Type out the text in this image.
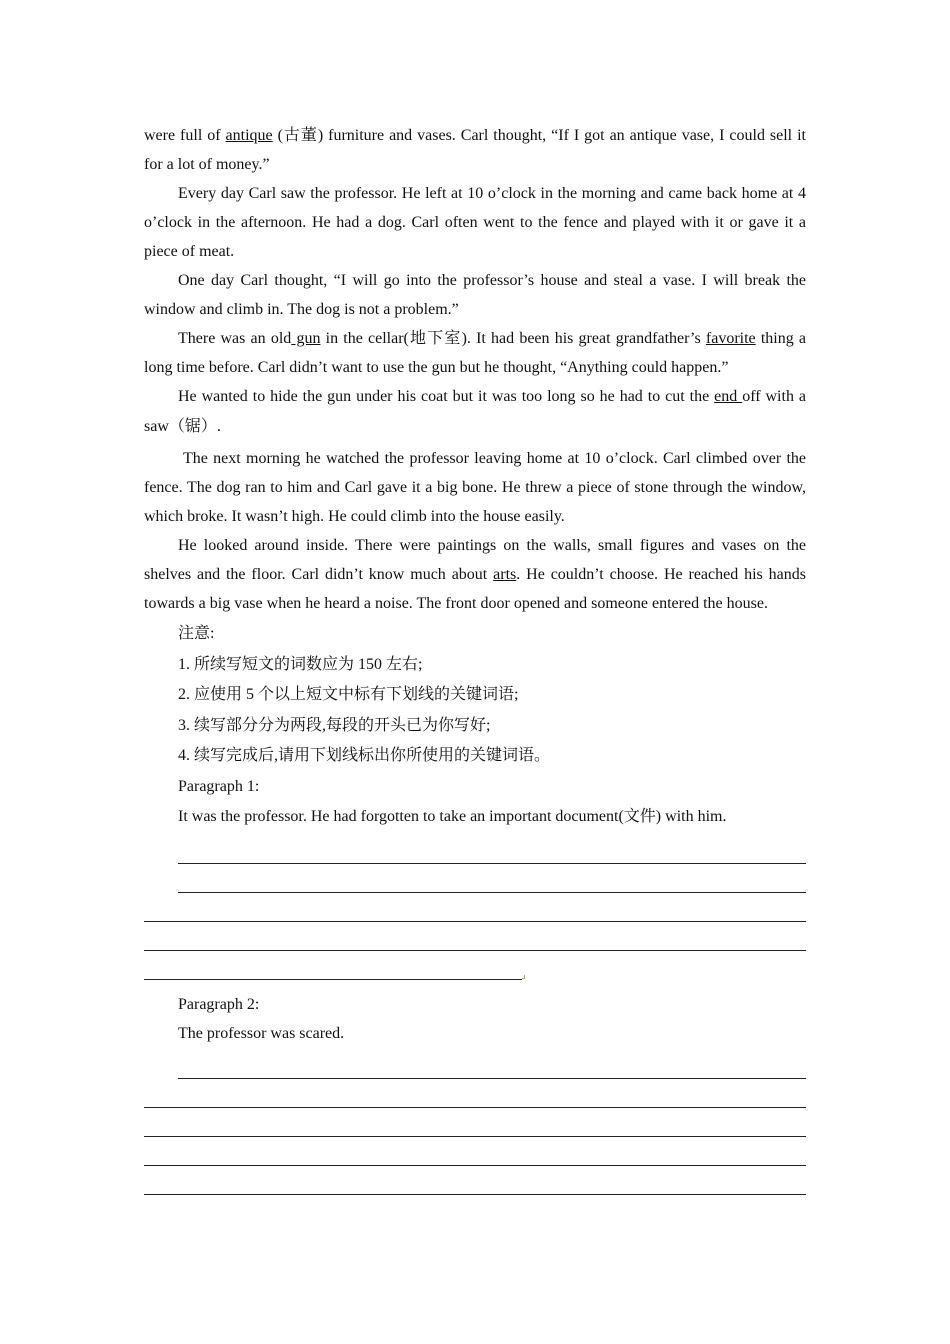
were full of antique (古董) furniture and vases. Carl thought, “If I got an antique vase, I could sell it for a lot of money.”

Every day Carl saw the professor. He left at 10 o’clock in the morning and came back home at 4 o’clock in the afternoon. He had a dog. Carl often went to the fence and played with it or gave it a piece of meat.

One day Carl thought, “I will go into the professor’s house and steal a vase. I will break the window and climb in. The dog is not a problem.”

There was an old gun in the cellar(地下室). It had been his great grandfather’s favorite thing a long time before. Carl didn’t want to use the gun but he thought, “Anything could happen.”

He wanted to hide the gun under his coat but it was too long so he had to cut the end off with a saw（锯）.

The next morning he watched the professor leaving home at 10 o’clock. Carl climbed over the fence. The dog ran to him and Carl gave it a big bone. He threw a piece of stone through the window, which broke. It wasn’t high. He could climb into the house easily.

He looked around inside. There were paintings on the walls, small figures and vases on the shelves and the floor. Carl didn’t know much about arts. He couldn’t choose. He reached his hands towards a big vase when he heard a noise. The front door opened and someone entered the house.

注意:

1. 所续写短文的词数应为 150 左右;

2. 应使用 5 个以上短文中标有下划线的关键词语;

3. 续写部分分为两段,每段的开头已为你写好;

4. 续写完成后,请用下划线标出你所使用的关键词语。

Paragraph 1:

It was the professor. He had forgotten to take an important document(文件) with him.

Paragraph 2:

The professor was scared.
